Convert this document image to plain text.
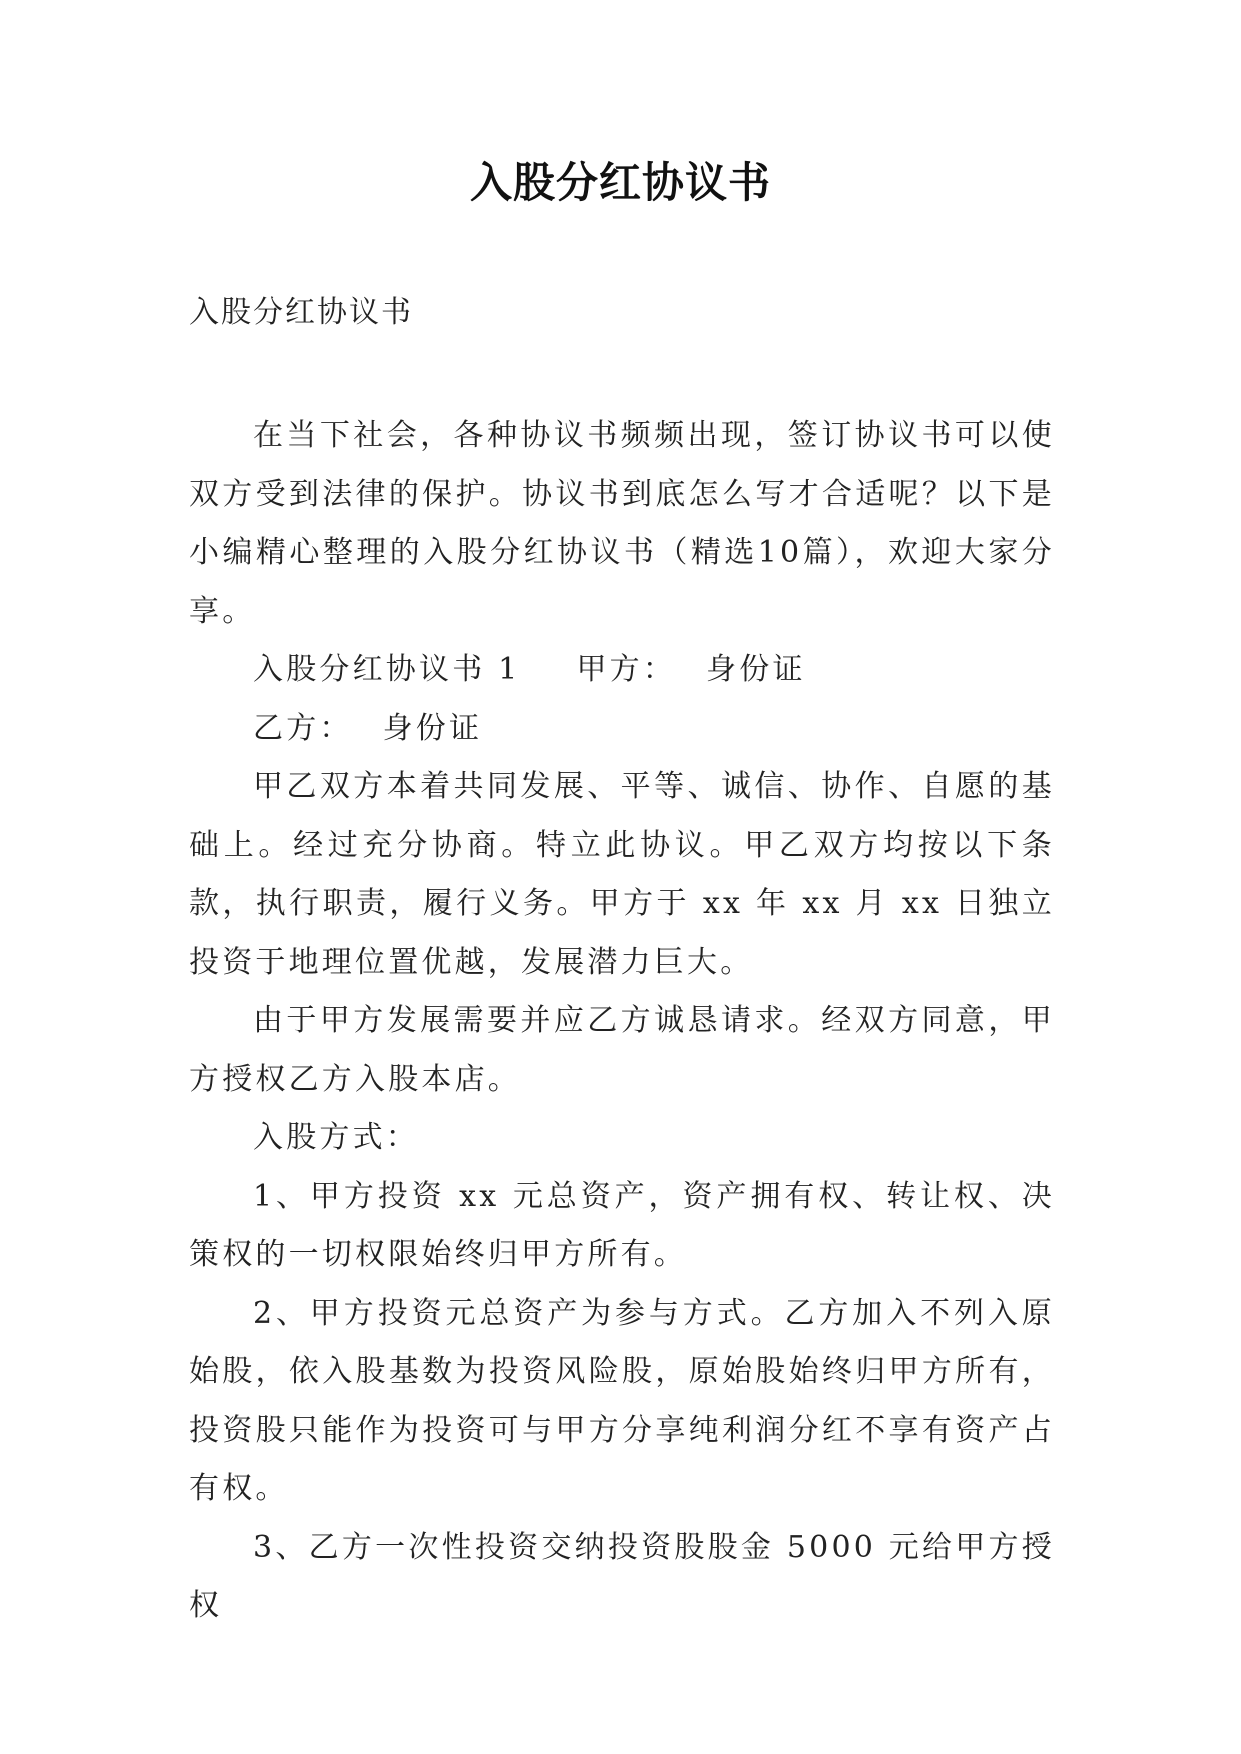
入股分红协议书
入股分红协议书

在当下社会，各种协议书频频出现，签订协议书可以使双方受到法律的保护。协议书到底怎么写才合适呢？以下是小编精心整理的入股分红协议书（精选10篇），欢迎大家分享。

入股分红协议书 1 甲方： 身份证

乙方： 身份证

甲乙双方本着共同发展、平等、诚信、协作、自愿的基础上。经过充分协商。特立此协议。甲乙双方均按以下条款，执行职责，履行义务。甲方于 xx 年 xx 月 xx 日独立投资于地理位置优越，发展潜力巨大。

由于甲方发展需要并应乙方诚恳请求。经双方同意，甲方授权乙方入股本店。

入股方式：

1、甲方投资 xx 元总资产，资产拥有权、转让权、决策权的一切权限始终归甲方所有。

2、甲方投资元总资产为参与方式。乙方加入不列入原始股，依入股基数为投资风险股，原始股始终归甲方所有，投资股只能作为投资可与甲方分享纯利润分红不享有资产占有权。

3、乙方一次性投资交纳投资股股金 5000 元给甲方授权
